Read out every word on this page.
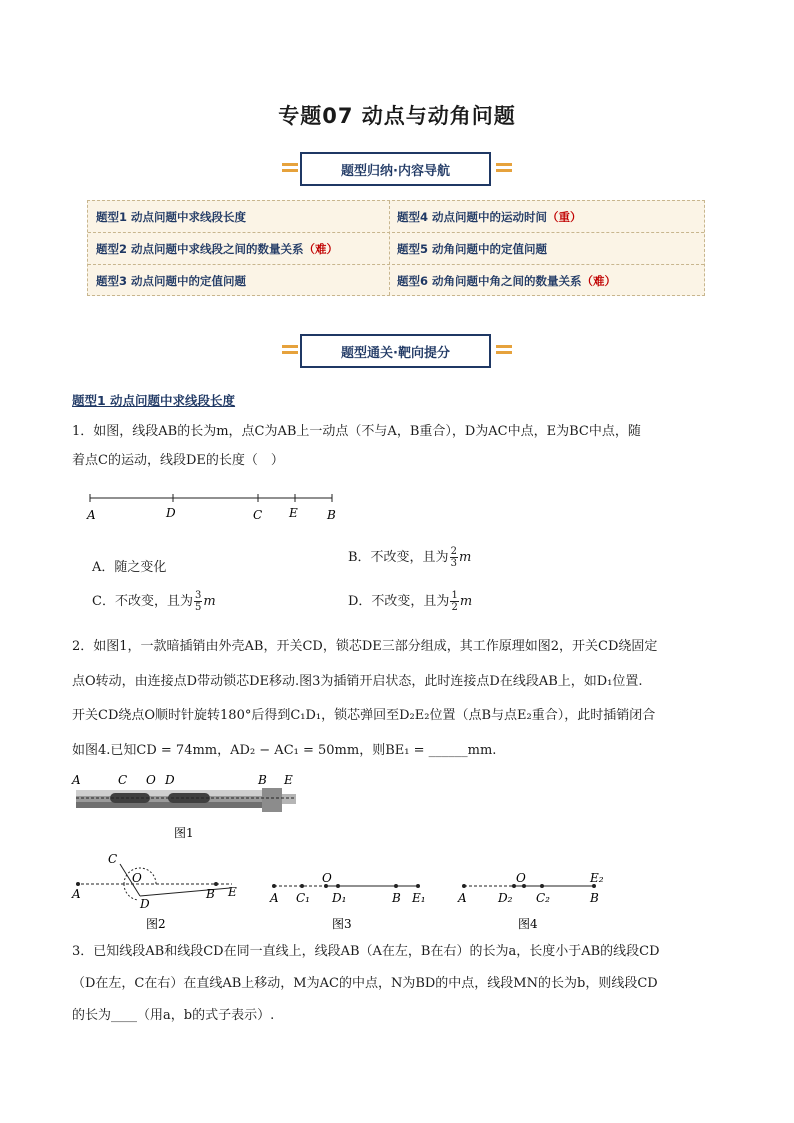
专题07 动点与动角问题
题型归纳·内容导航
题型1 动点问题中求线段长度	题型4 动点问题中的运动时间 （重）
题型2 动点问题中求线段之间的数量关系 （难）	题型5 动角问题中的定值问题
题型3 动点问题中的定值问题	题型6 动角问题中角之间的数量关系 （难）
题型通关·靶向提分
题型1 动点问题中求线段长度
1．如图，线段AB的长为m，点C为AB上一动点（不与A，B重合），D为AC中点，E为BC中点，随
着点C的运动，线段DE的长度（　）
A	D	C E B
A．随之变化
B．不改变，且为 $\frac{2}{3}$ m
C．不改变，且为 $\frac{3}{5}$ m	D．不改变，且为 $\frac{1}{2}$ m
2．如图1，一款暗插销由外壳AB，开关CD，锁芯DE三部分组成，其工作原理如图2，开关CD绕固定
点O转动，由连接点D带动锁芯DE移动.图3为插销开启状态，此时连接点D在线段AB上，如D₁位置.
开关CD绕点O顺时针旋转180°后得到C₁D₁，锁芯弹回至D₂E₂位置（点B与点E₂重合），此时插销闭合
如图4.已知CD = 74mm，AD₂ − AC₁ = 50mm，则BE₁ = ______mm.
A	C O D	B E
图1
C
O
A
D
B E
图2
O
A C₁ D₁	B E₁
图3
O	E₂
A	D₂ C₂	B
图4
3．已知线段AB和线段CD在同一直线上，线段AB（A在左，B在右）的长为a，长度小于AB的线段CD
（D在左，C在右）在直线AB上移动，M为AC的中点，N为BD的中点，线段MN的长为b，则线段CD
的长为____（用a，b的式子表示）.
